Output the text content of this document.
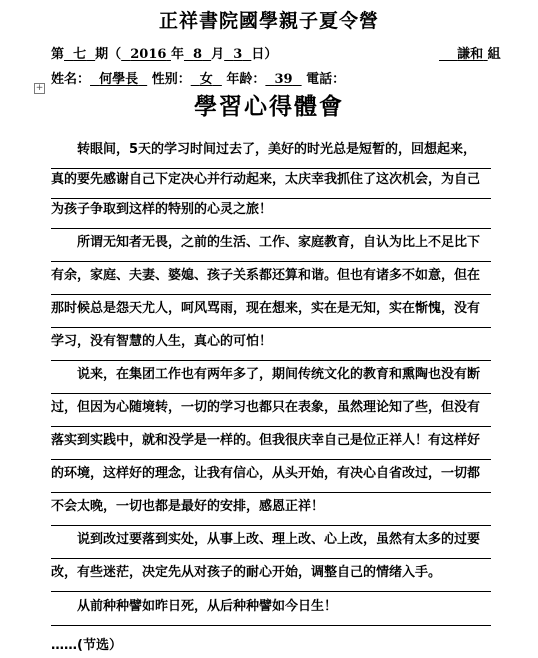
正祥書院國學親子夏令營
第 七 期（ 2016 年 8 月 3 日）	謙和 組
姓名： 何學長 性别： 女 年龄： 39 電話：
+
學習心得體會
转眼间，5天的学习时间过去了，美好的时光总是短暂的，回想起来，
真的要先感谢自己下定决心并行动起来，太庆幸我抓住了这次机会，为自己
为孩子争取到这样的特别的心灵之旅！
所谓无知者无畏，之前的生活、工作、家庭教育，自认为比上不足比下
有余，家庭、夫妻、婆媳、孩子关系都还算和谐。但也有诸多不如意，但在
那时候总是怨天尤人，呵风骂雨，现在想来，实在是无知，实在惭愧，没有
学习，没有智慧的人生，真心的可怕！
说来，在集团工作也有两年多了，期间传统文化的教育和熏陶也没有断
过，但因为心随境转，一切的学习也都只在表象，虽然理论知了些，但没有
落实到实践中，就和没学是一样的。但我很庆幸自己是位正祥人！有这样好
的环境，这样好的理念，让我有信心，从头开始，有决心自省改过，一切都
不会太晚，一切也都是最好的安排，感恩正祥！
说到改过要落到实处，从事上改、理上改、心上改，虽然有太多的过要
改，有些迷茫，决定先从对孩子的耐心开始，调整自己的情绪入手。
从前种种譬如昨日死，从后种种譬如今日生！
……(节选）
